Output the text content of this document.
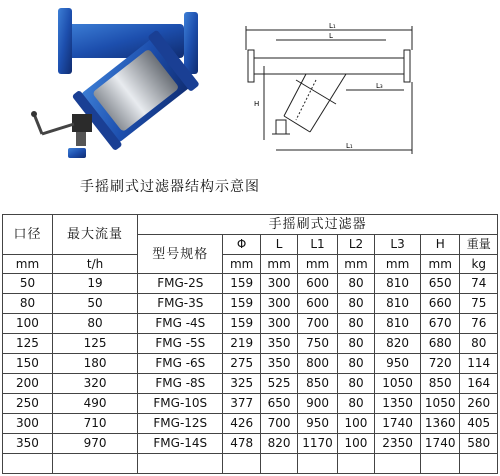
L₁
L
L₃
H
L₁
手摇刷式过滤器结构示意图
口径	最大流量	手摇刷式过滤器							
		型号规格	Φ	L	L1	L2	L3	H	重量
mm	t/h		mm	mm	mm	mm	mm	mm	kg
50	19	FMG-2S	159	300	600	80	810	650	74
80	50	FMG-3S	159	300	600	80	810	660	75
100	80	FMG -4S	159	300	700	80	810	670	76
125	125	FMG -5S	219	350	750	80	820	680	80
150	180	FMG -6S	275	350	800	80	950	720	114
200	320	FMG -8S	325	525	850	80	1050	850	164
250	490	FMG-10S	377	650	900	80	1350	1050	260
300	710	FMG-12S	426	700	950	100	1740	1360	405
350	970	FMG-14S	478	820	1170	100	2350	1740	580
